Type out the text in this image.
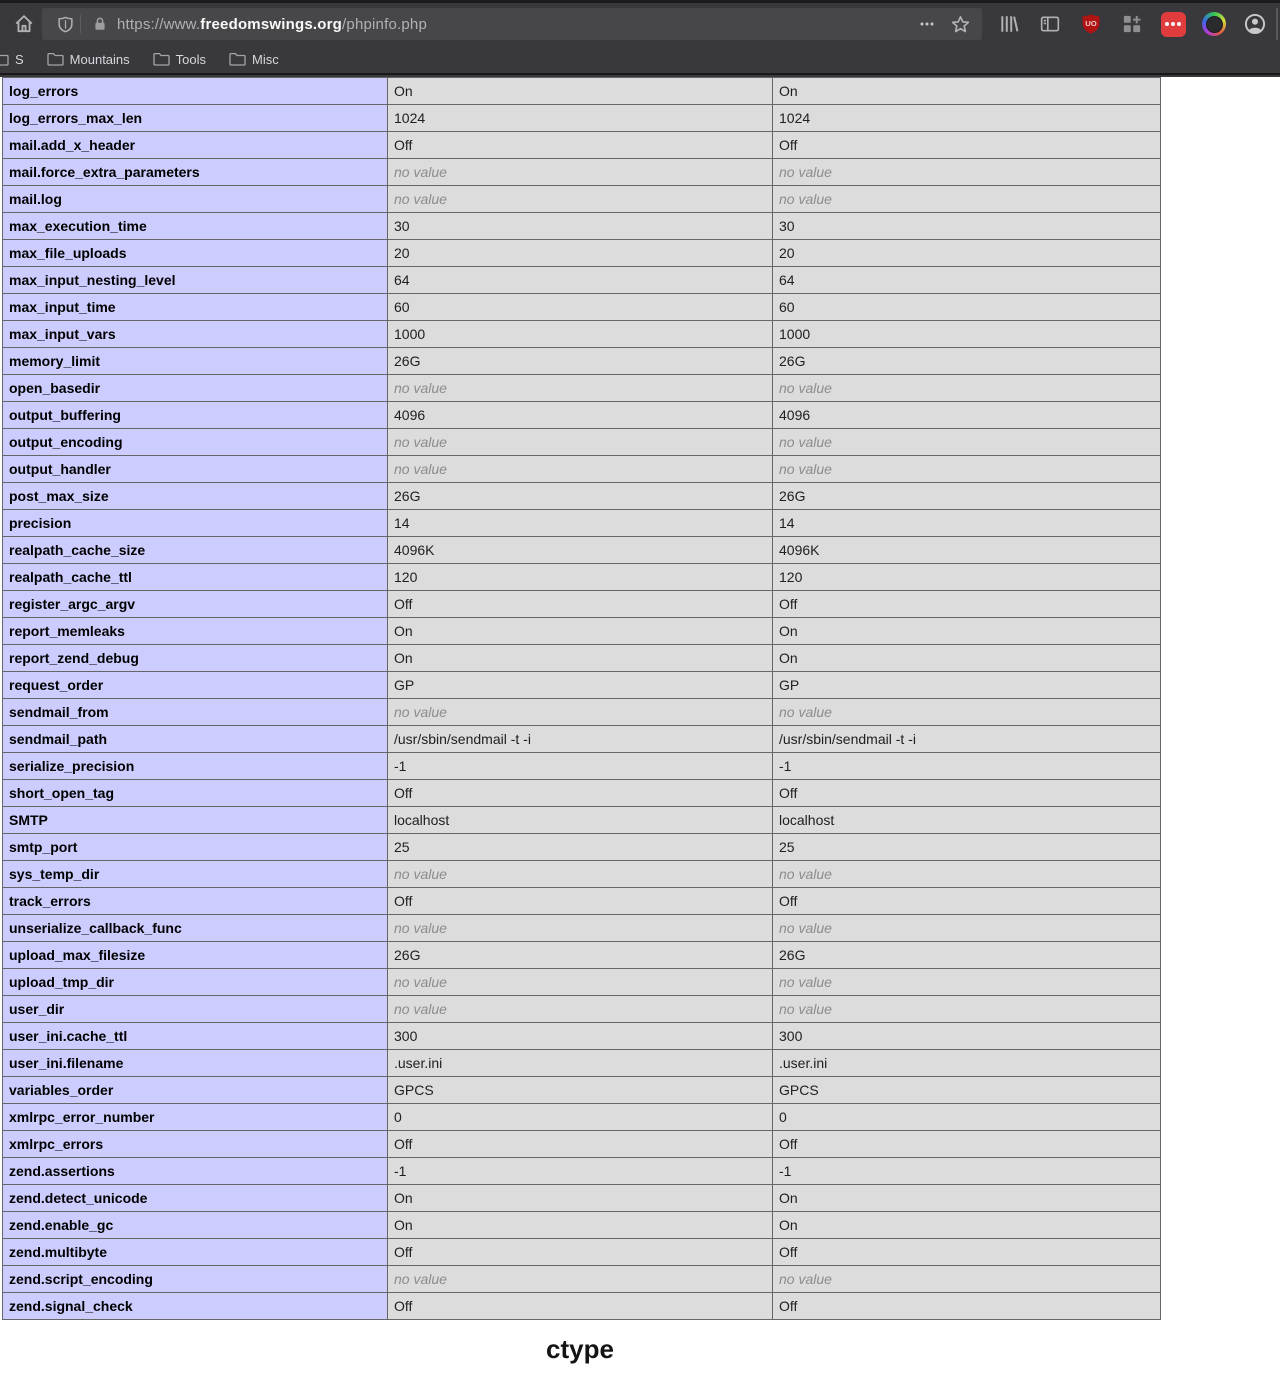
https://www.freedomswings.org/phpinfo.php	UO
S	Mountains	Tools	Misc
log_errors	On	On
log_errors_max_len	1024	1024
mail.add_x_header	Off	Off
mail.force_extra_parameters	no value	no value
mail.log	no value	no value
max_execution_time	30	30
max_file_uploads	20	20
max_input_nesting_level	64	64
max_input_time	60	60
max_input_vars	1000	1000
memory_limit	26G	26G
open_basedir	no value	no value
output_buffering	4096	4096
output_encoding	no value	no value
output_handler	no value	no value
post_max_size	26G	26G
precision	14	14
realpath_cache_size	4096K	4096K
realpath_cache_ttl	120	120
register_argc_argv	Off	Off
report_memleaks	On	On
report_zend_debug	On	On
request_order	GP	GP
sendmail_from	no value	no value
sendmail_path	/usr/sbin/sendmail -t -i	/usr/sbin/sendmail -t -i
serialize_precision	-1	-1
short_open_tag	Off	Off
SMTP	localhost	localhost
smtp_port	25	25
sys_temp_dir	no value	no value
track_errors	Off	Off
unserialize_callback_func	no value	no value
upload_max_filesize	26G	26G
upload_tmp_dir	no value	no value
user_dir	no value	no value
user_ini.cache_ttl	300	300
user_ini.filename	.user.ini	.user.ini
variables_order	GPCS	GPCS
xmlrpc_error_number	0	0
xmlrpc_errors	Off	Off
zend.assertions	-1	-1
zend.detect_unicode	On	On
zend.enable_gc	On	On
zend.multibyte	Off	Off
zend.script_encoding	no value	no value
zend.signal_check	Off	Off
ctype
